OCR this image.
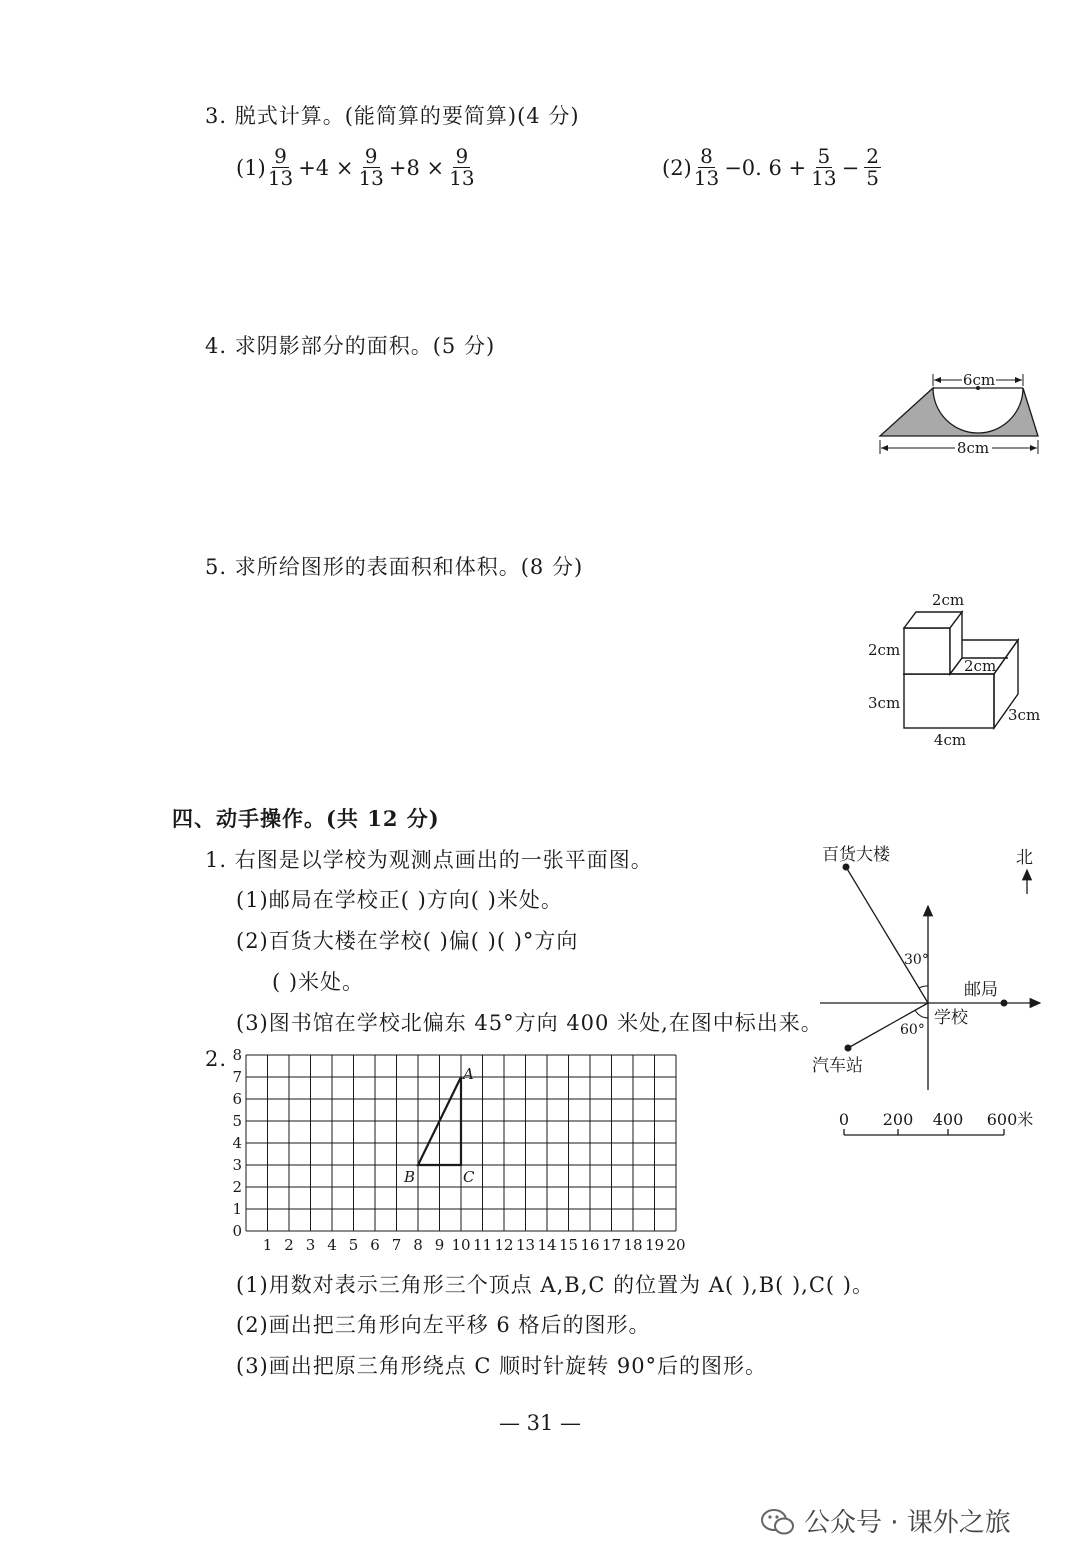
3. 脱式计算。(能简算的要简算)(4 分)
$(1) \frac{9}{13} +4 \times \frac{9}{13} +8 \times \frac{9}{13}$	$(2) \frac{8}{13} -0$. $6 + \frac{5}{13} - \frac{2}{5}$
4. 求阴影部分的面积。(5 分)
6cm
8cm
5. 求所给图形的表面积和体积。(8 分)
2cm
2cm
2cm
3cm
3cm
4cm
四、动手操作。(共 12 分)
1. 右图是以学校为观测点画出的一张平面图。
(1)邮局在学校正( )方向( )米处。
(2)百货大楼在学校( )偏( )( )°方向
( )米处。
(3)图书馆在学校北偏东 45°方向 400 米处,在图中标出来。
百货大楼	北
邮局
学校
汽车站
30°
60°
0 200 400 600米
2.
1 2 3 4 5 6 7 8 9 10 11 12 13 14 15 16 17 18 19 20
0
1
2
3
4
5
6
7
8
A
B	C
(1)用数对表示三角形三个顶点 A,B,C 的位置为 A( ),B( ),C( )。
(2)画出把三角形向左平移 6 格后的图形。
(3)画出把原三角形绕点 C 顺时针旋转 90°后的图形。
— 31 —
公众号 · 课外之旅
